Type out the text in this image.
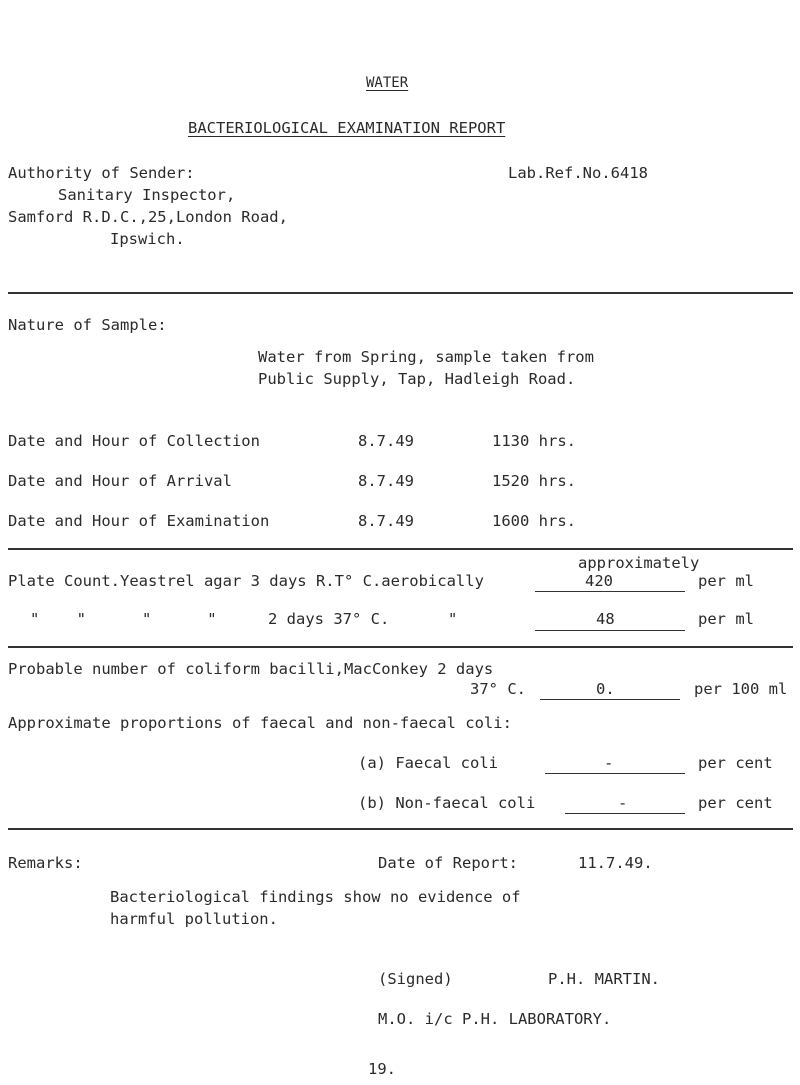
WATER
BACTERIOLOGICAL EXAMINATION REPORT
Authority of Sender:	Lab.Ref.No.6418
Sanitary Inspector,
Samford R.D.C.,25,London Road,
Ipswich.
Nature of Sample:
Water from Spring, sample taken from
Public Supply, Tap, Hadleigh Road.
Date and Hour of Collection	8.7.49	1130 hrs.
Date and Hour of Arrival	8.7.49	1520 hrs.
Date and Hour of Examination	8.7.49	1600 hrs.
approximately
Plate Count.Yeastrel agar 3 days R.T° C.aerobically	420	per ml
"    "      "      "	2 days 37° C.	"	48	per ml
Probable number of coliform bacilli,MacConkey 2 days
37° C.	0.	per 100 ml
Approximate proportions of faecal and non-faecal coli:
(a) Faecal coli	-	per cent
(b) Non-faecal coli	-	per cent
Remarks:	Date of Report:	11.7.49.
Bacteriological findings show no evidence of
harmful pollution.
(Signed)	P.H. MARTIN.
M.O. i/c P.H. LABORATORY.
19.
